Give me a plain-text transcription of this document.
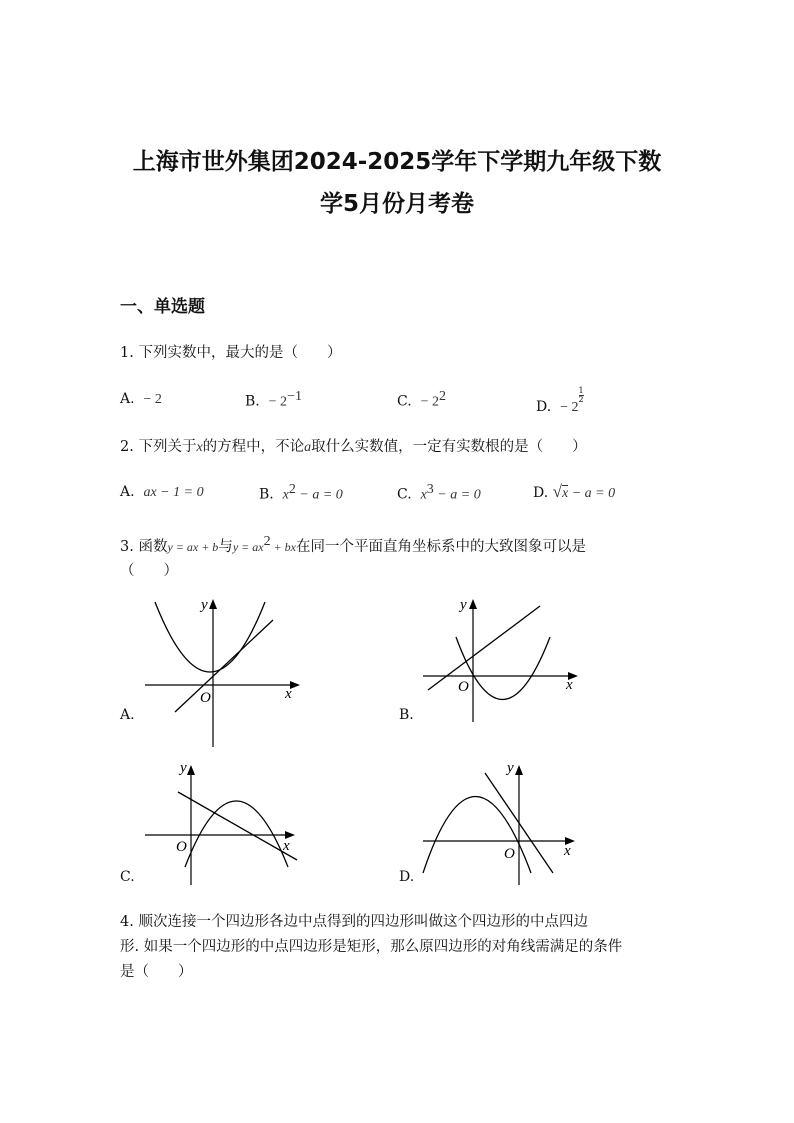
上海市世外集团2024-2025学年下学期九年级下数
学5月份月考卷
一、单选题
1. 下列实数中，最大的是（　　）
A. − 2	B. − $2^{-1}$	C. − $2^2$
D. − 2
$\frac{1}{2}$
2. 下列关于x的方程中，不论a取什么实数值，一定有实数根的是（　　）
A. ax − 1 = 0	B. $x^2 - a = 0$	C. $x^3 - a = 0$	D. √x − a = 0
3. 函数y = ax + b与$y = ax^2$ + bx在同一个平面直角坐标系中的大致图象可以是
（　　）
O	x
y
A.
O	x
y
B.
O	x
y
C.
O	x
y
D.
4. 顺次连接一个四边形各边中点得到的四边形叫做这个四边形的中点四边
形. 如果一个四边形的中点四边形是矩形，那么原四边形的对角线需满足的条件
是（　　）
